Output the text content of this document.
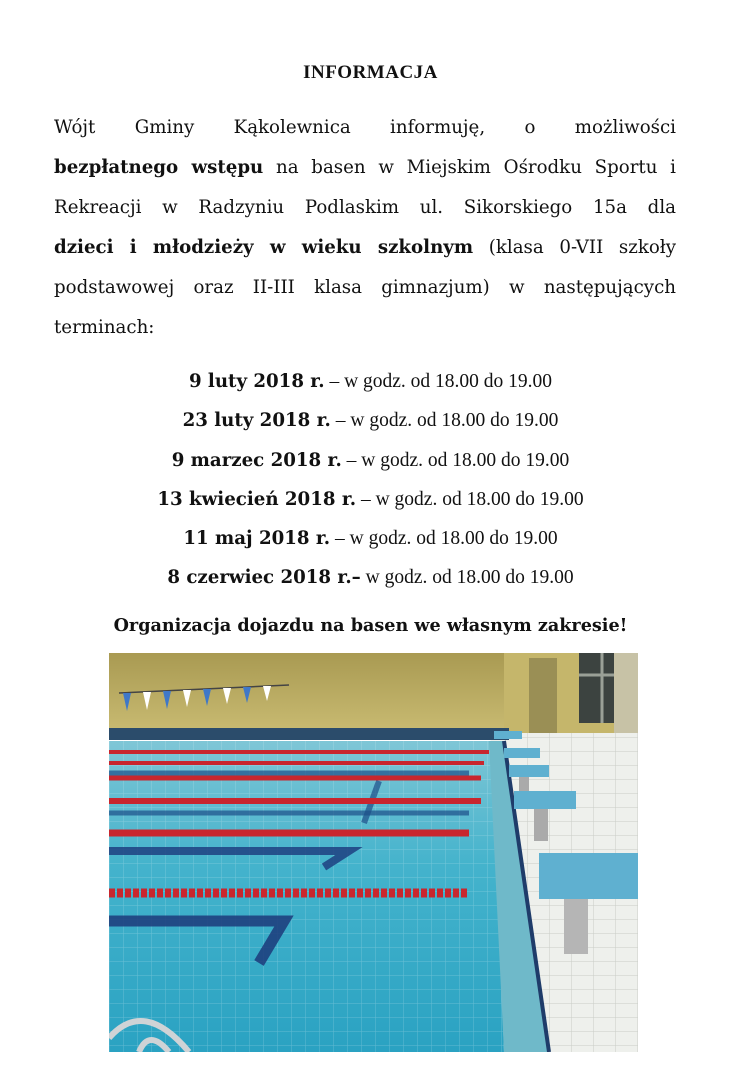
INFORMACJA
Wójt Gminy Kąkolewnica informuję, o możliwości
bezpłatnego wstępu na basen w Miejskim Ośrodku Sportu i
Rekreacji w Radzyniu Podlaskim ul. Sikorskiego 15a dla
dzieci i młodzieży w wieku szkolnym (klasa 0-VII szkoły
podstawowej oraz II-III klasa gimnazjum) w następujących
terminach:
9 luty 2018 r. – w godz. od 18.00 do 19.00
23 luty 2018 r. – w godz. od 18.00 do 19.00
9 marzec 2018 r. – w godz. od 18.00 do 19.00
13 kwiecień 2018 r. – w godz. od 18.00 do 19.00
11 maj 2018 r. – w godz. od 18.00 do 19.00
8 czerwiec 2018 r.– w godz. od 18.00 do 19.00
Organizacja dojazdu na basen we własnym zakresie!
